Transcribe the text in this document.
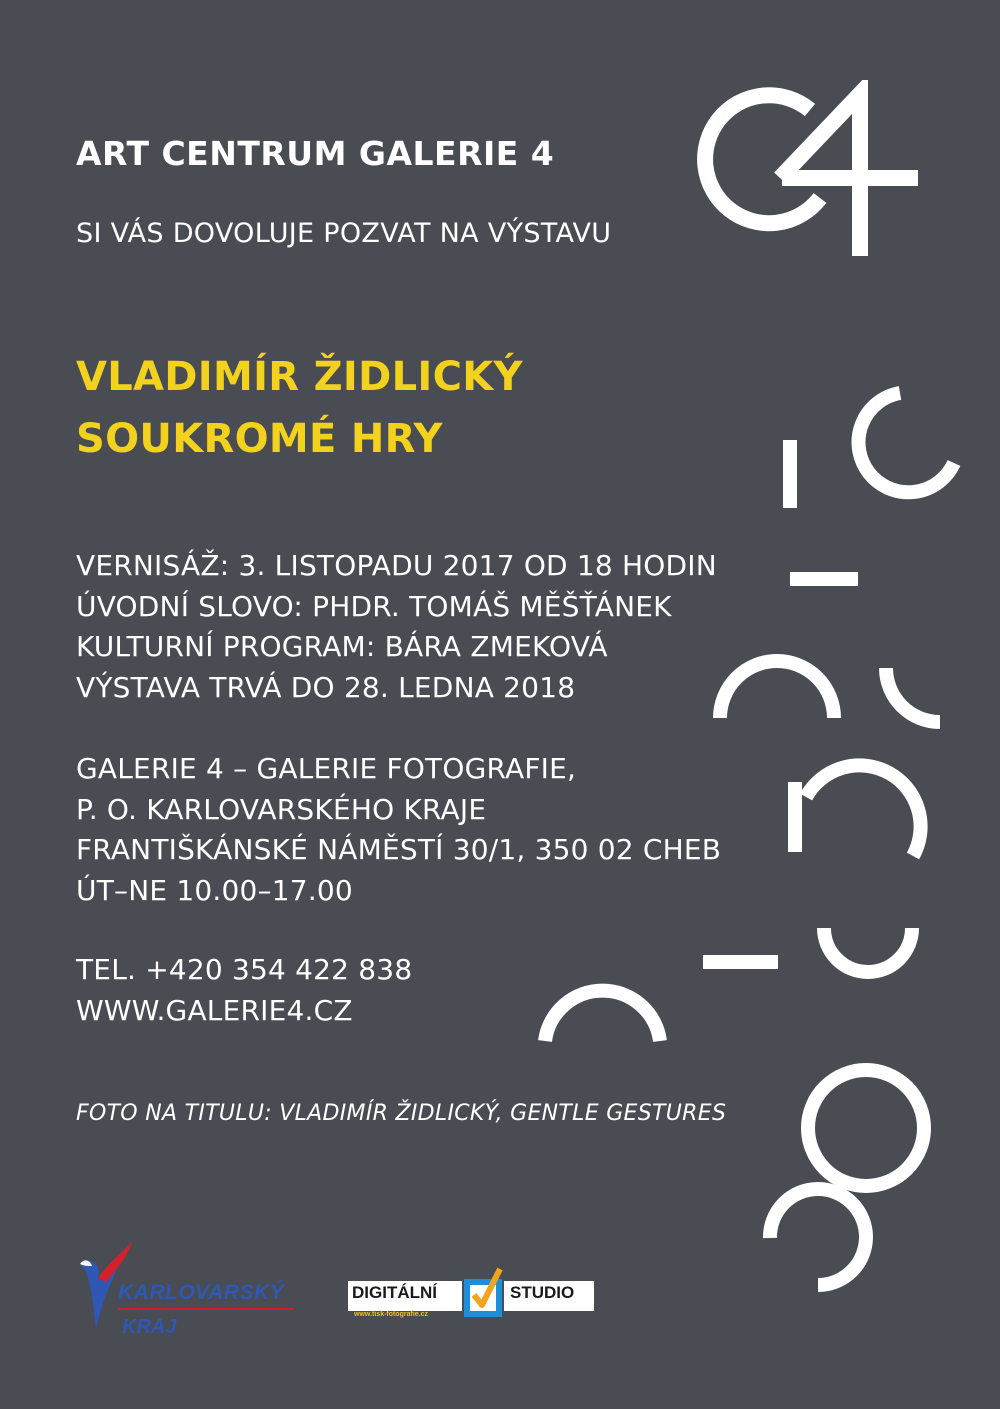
ART CENTRUM GALERIE 4
SI VÁS DOVOLUJE POZVAT NA VÝSTAVU
VLADIMÍR ŽIDLICKÝ
SOUKROMÉ HRY
VERNISÁŽ: 3. LISTOPADU 2017 OD 18 HODIN
ÚVODNÍ SLOVO: PHDR. TOMÁŠ MĚŠŤÁNEK
KULTURNÍ PROGRAM: BÁRA ZMEKOVÁ
VÝSTAVA TRVÁ DO 28. LEDNA 2018
GALERIE 4 – GALERIE FOTOGRAFIE,
P. O. KARLOVARSKÉHO KRAJE
FRANTIŠKÁNSKÉ NÁMĚSTÍ 30/1, 350 02 CHEB
ÚT–NE 10.00–17.00
TEL. +420 354 422 838
WWW.GALERIE4.CZ
FOTO NA TITULU: VLADIMÍR ŽIDLICKÝ, GENTLE GESTURES
KARLOVARSKÝ
KRAJ
DIGITÁLNÍ
www.tisk-fotografie.cz
STUDIO
